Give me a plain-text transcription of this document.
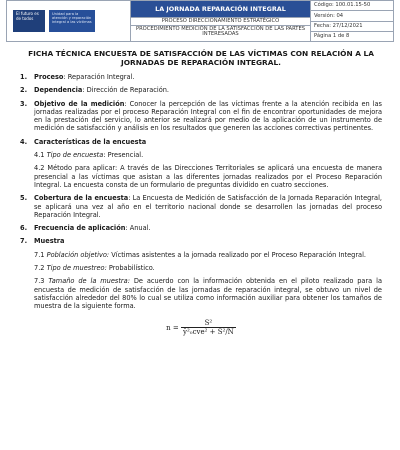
El futuro es de todos
Unidad para la atención y reparación integral a las víctimas
LA JORNADA REPARACIÓN INTEGRAL
PROCESO DIRECCIONAMIENTO ESTRATÉGICO
PROCEDIMIENTO MEDICIÓN DE LA SATISFACCIÓN DE LAS PARTES INTERESADAS
Código: 100.01.15-50
Versión: 04
Fecha: 27/12/2021
Página 1 de 8
FICHA TÉCNICA ENCUESTA DE SATISFACCIÓN DE LAS VÍCTIMAS CON RELACIÓN A LA JORNADAS DE REPARACIÓN INTEGRAL.
1.	Proceso: Reparación Integral.
2.	Dependencia: Dirección de Reparación.
3.	Objetivo de la medición: Conocer la percepción de las víctimas frente a la atención recibida en las jornadas realizadas por el proceso Reparación Integral con el fin de encontrar oportunidades de mejora en la prestación del servicio, lo anterior se realizará por medio de la aplicación de un instrumento de medición de satisfacción y análisis en los resultados que generen las acciones correctivas pertinentes.
4.	Características de la encuesta
4.1 Tipo de encuesta: Presencial.
4.2 Método para aplicar: A través de las Direcciones Territoriales se aplicará una encuesta de manera presencial a las víctimas que asistan a las diferentes jornadas realizados por el Proceso Reparación Integral. La encuesta consta de un formulario de preguntas dividido en cuatro secciones.
5.	Cobertura de la encuesta: La Encuesta de Medición de Satisfacción de la Jornada Reparación Integral, se aplicará una vez al año en el territorio nacional donde se desarrollen las jornadas del proceso Reparación Integral.
6.	Frecuencia de aplicación: Anual.
7.	Muestra
7.1 Población objetivo: Víctimas asistentes a la jornada realizado por el Proceso Reparación Integral.
7.2 Tipo de muestreo: Probabilístico.
7.3 Tamaño de la muestra: De acuerdo con la información obtenida en el piloto realizado para la encuesta de medición de satisfacción de las jornadas de reparación integral, se obtuvo un nivel de satisfacción alrededor del 80% lo cual se utiliza como información auxiliar para obtener los tamaños de muestra de la siguiente forma.
$n = \frac{\text{S²}}{\text{ȳ²₀cve² + S²/N}}$
